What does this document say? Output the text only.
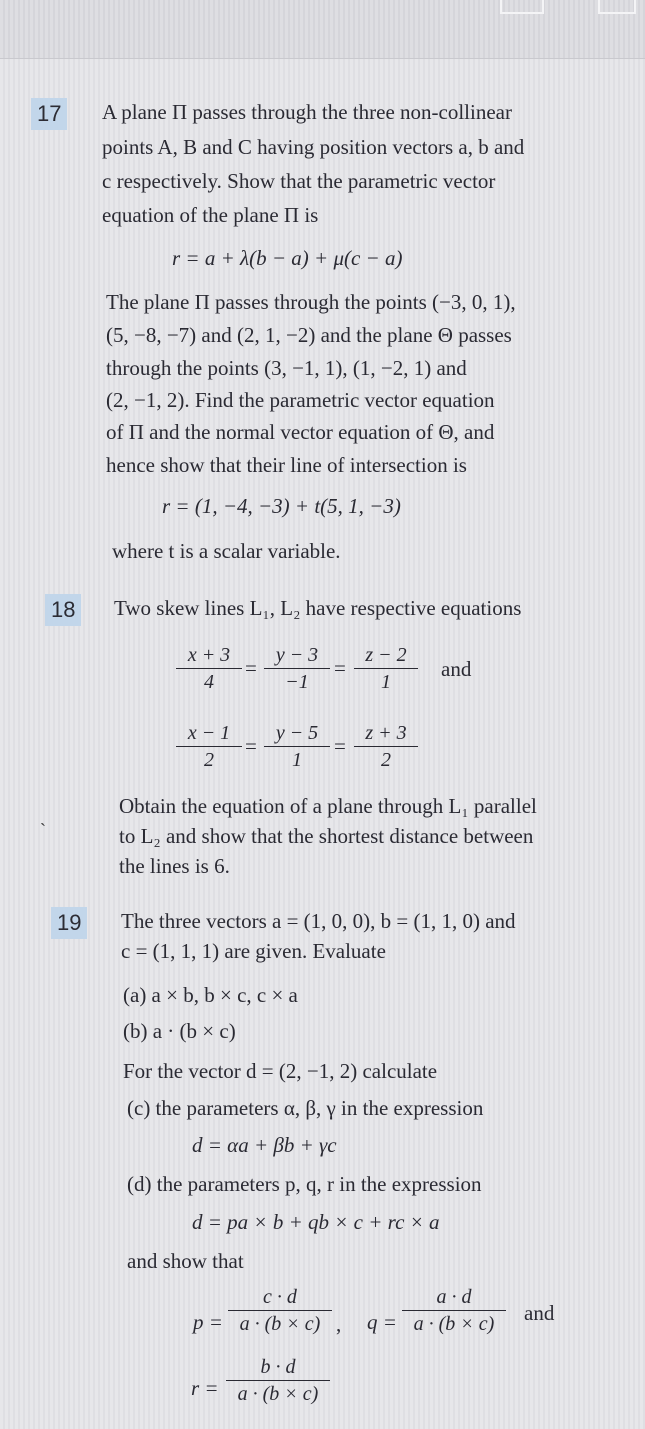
17 A plane Π passes through the three non-collinear
points A, B and C having position vectors a, b and
c respectively. Show that the parametric vector
equation of the plane Π is
r = a + λ(b − a) + μ(c − a)
The plane Π passes through the points (−3, 0, 1),
(5, −8, −7) and (2, 1, −2) and the plane Θ passes
through the points (3, −1, 1), (1, −2, 1) and
(2, −1, 2). Find the parametric vector equation
of Π and the normal vector equation of Θ, and
hence show that their line of intersection is
r = (1, −4, −3) + t(5, 1, −3)
where t is a scalar variable.
18 Two skew lines L₁, L₂ have respective equations
$\frac{x + 3}{4} = \frac{y - 3}{-1} = \frac{z - 2}{1}$ and
$\frac{x - 1}{2} = \frac{y - 5}{1} = \frac{z + 3}{2}$
ˏ	Obtain the equation of a plane through L₁ parallel
to L₂ and show that the shortest distance between
the lines is 6.
19 The three vectors a = (1, 0, 0), b = (1, 1, 0) and
c = (1, 1, 1) are given. Evaluate
(a) a × b, b × c, c × a
(b) a · (b × c)
For the vector d = (2, −1, 2) calculate
(c) the parameters α, β, γ in the expression
d = αa + βb + γc
(d) the parameters p, q, r in the expression
d = pa × b + qb × c + rc × a
and show that
$p = \frac{c \cdot d}{a \cdot (b \times c)}$ , $q = \frac{a \cdot d}{a \cdot (b \times c)}$ and
$r = \frac{b \cdot d}{a \cdot (b \times c)}$
